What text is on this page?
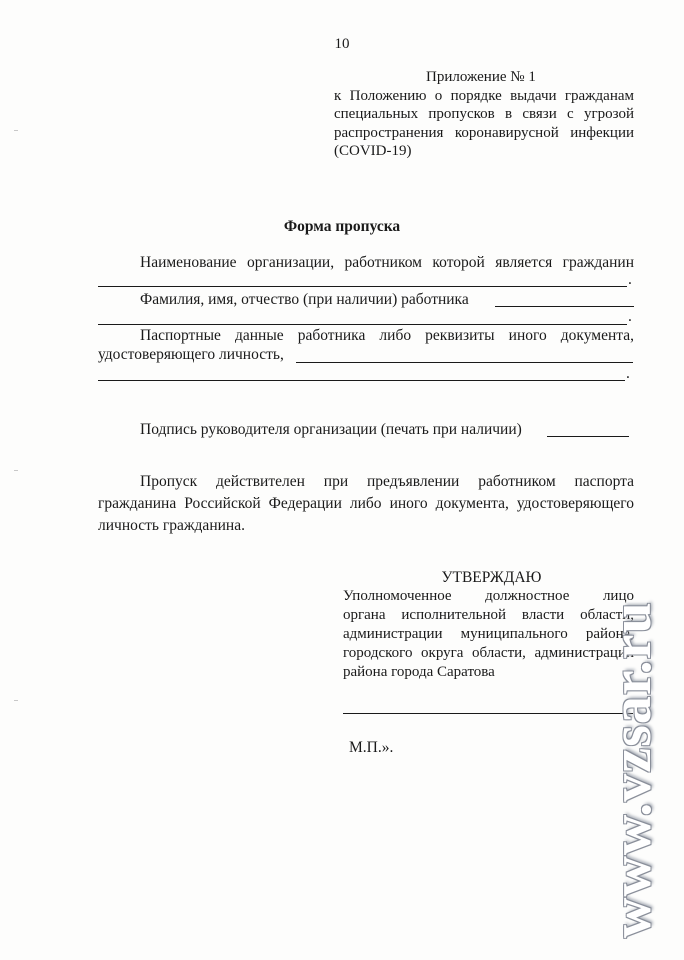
10
Приложение № 1
к Положению о порядке выдачи гражданам
специальных пропусков в связи с угрозой
распространения коронавирусной инфекции
(COVID-19)
Форма пропуска
Наименование организации, работником которой является гражданин
.
Фамилия, имя, отчество (при наличии) работника
.
Паспортные данные работника либо реквизиты иного документа,
удостоверяющего личность,
.
Подпись руководителя организации (печать при наличии)
Пропуск действителен при предъявлении работником паспорта
гражданина Российской Федерации либо иного документа, удостоверяющего
личность гражданина.
УТВЕРЖДАЮ
Уполномоченное должностное лицо
органа исполнительной власти области,
администрации муниципального района,
городского округа области, администрации
района города Саратова
М.П.».	www.vzsar.ru
